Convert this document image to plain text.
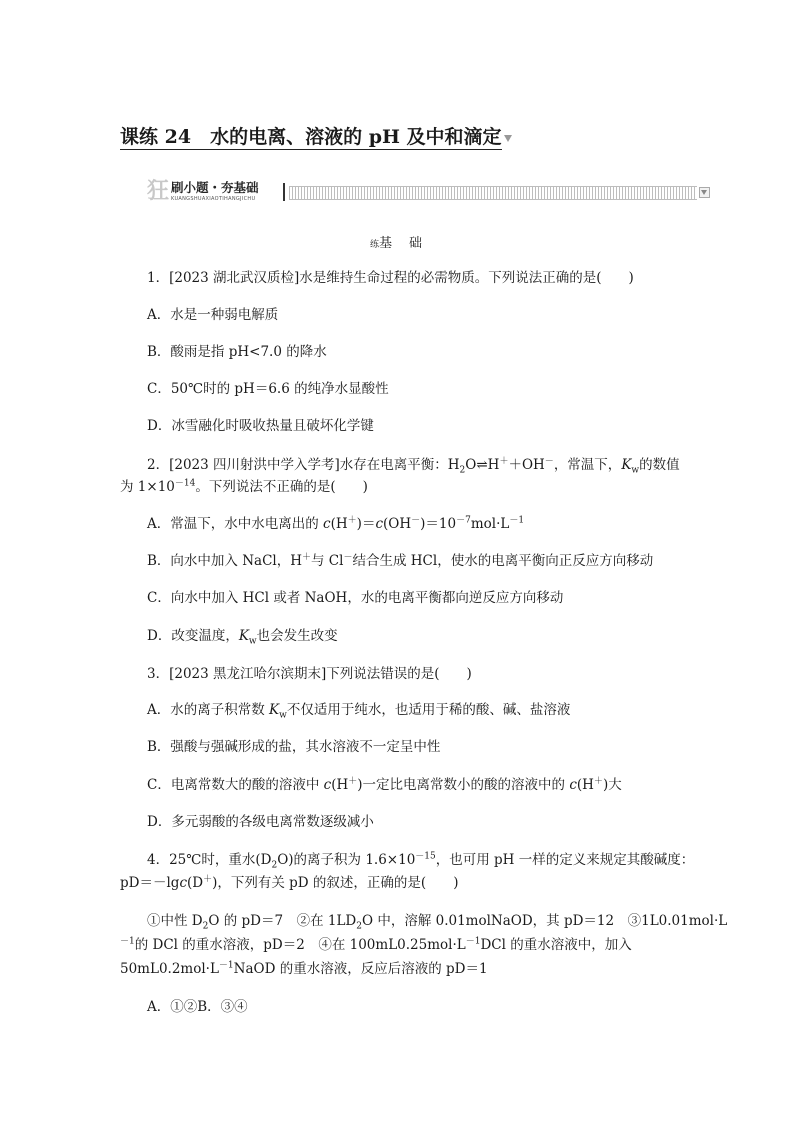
课练 24　 水的电离、溶液的 pH 及中和滴定
狂 刷小题・夯基础
KUANGSHUAXIAOTIHANGJICHU
练基　础
1．[2023 湖北武汉质检]水是维持生命过程的必需物质。下列说法正确的是(　　)
A．水是一种弱电解质
B．酸雨是指 pH<7.0 的降水
C．50℃时的 pH＝6.6 的纯净水显酸性
D．冰雪融化时吸收热量且破坏化学键
2．[2023 四川射洪中学入学考]水存在电离平衡：$H_2O\rightleftharpoons H^++OH^-$，常温下，$K_w$的数值
为 $1\times 10^{-14}$。下列说法不正确的是(　　)
A．常温下，水中水电离出的 $c(H^+)=c(OH^-)=10^{-7}mol\cdot L^{-1}$
B．向水中加入 NaCl，H＋与 Cl－结合生成 HCl，使水的电离平衡向正反应方向移动
C．向水中加入 HCl 或者 NaOH，水的电离平衡都向逆反应方向移动
D．改变温度，$K_w$也会发生改变
3．[2023 黑龙江哈尔滨期末]下列说法错误的是(　　)
A．水的离子积常数 $K_w$不仅适用于纯水，也适用于稀的酸、碱、盐溶液
B．强酸与强碱形成的盐，其水溶液不一定呈中性
C．电离常数大的酸的溶液中 c(H＋)一定比电离常数小的酸的溶液中的 c(H＋)大
D．多元弱酸的各级电离常数逐级减小
4．25℃时，重水$(D_2O)$的离子积为 $1.6\times 10^{-15}$，也可用 pH 一样的定义来规定其酸碱度：
pD＝－lgc(D＋)，下列有关 pD 的叙述，正确的是(　　)
①中性 $D_2O$ 的 pD＝7　②在 $1LD_2O$ 中，溶解 0.01molNaOD，其 pD＝12　③1L0.01mol·L
$^{-1}$的 DCl 的重水溶液，pD＝2　④在 $100mL0.25mol\cdot L^{-1}DCl$ 的重水溶液中，加入
$50mL0.2mol\cdot L^{-1}NaOD$ 的重水溶液，反应后溶液的 pD＝1
A．①②B．③④
